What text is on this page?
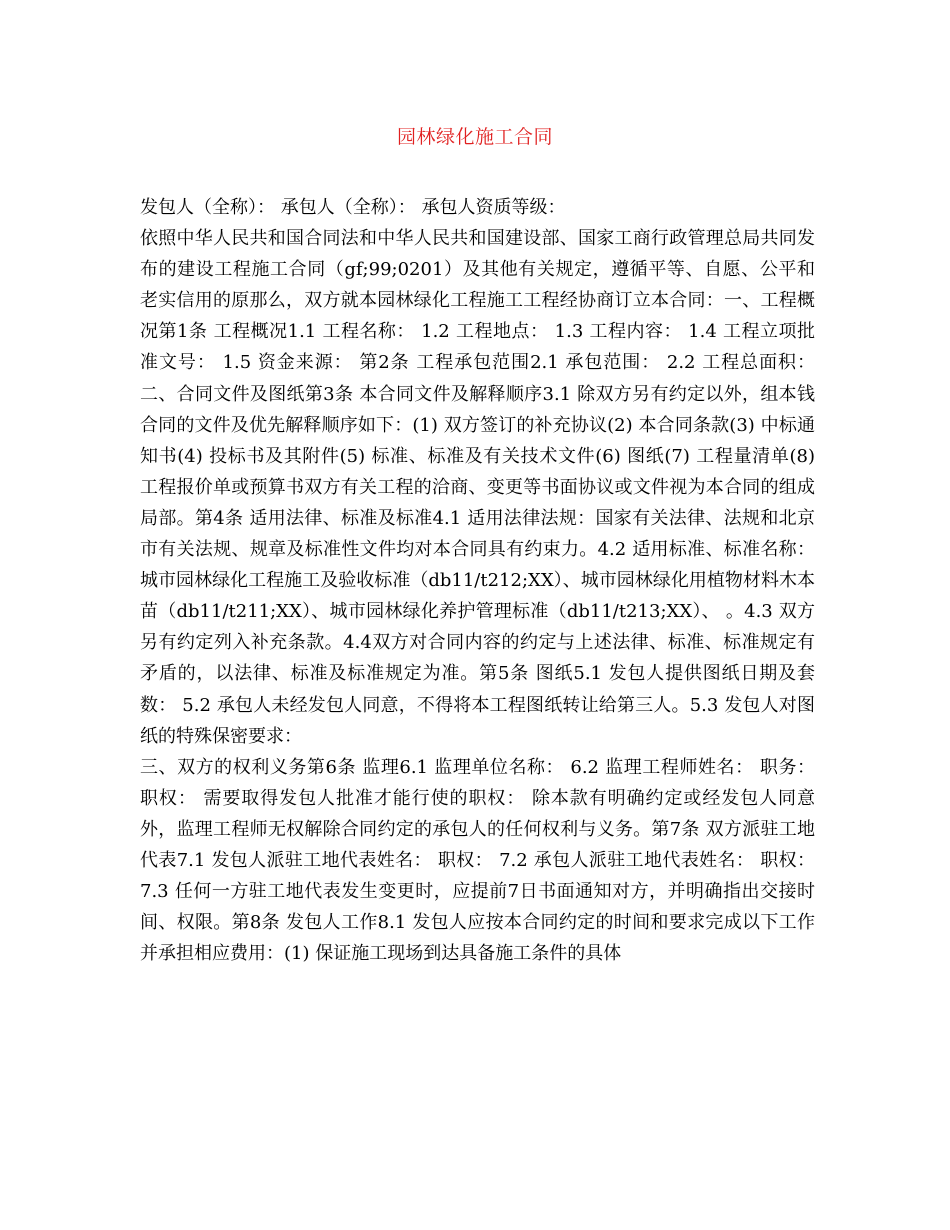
园林绿化施工合同

发包人（全称）： 承包人（全称）： 承包人资质等级：

依照中华人民共和国合同法和中华人民共和国建设部、国家工商行政管理总局共同发布的建设工程施工合同（gf;99;0201）及其他有关规定，遵循平等、自愿、公平和老实信用的原那么，双方就本园林绿化工程施工工程经协商订立本合同：一、工程概况第1条 工程概况1.1 工程名称： 1.2 工程地点： 1.3 工程内容： 1.4 工程立项批准文号： 1.5 资金来源： 第2条 工程承包范围2.1 承包范围： 2.2 工程总面积： 二、合同文件及图纸第3条 本合同文件及解释顺序3.1 除双方另有约定以外，组本钱合同的文件及优先解释顺序如下：(1) 双方签订的补充协议(2) 本合同条款(3) 中标通知书(4) 投标书及其附件(5) 标准、标准及有关技术文件(6) 图纸(7) 工程量清单(8) 工程报价单或预算书双方有关工程的洽商、变更等书面协议或文件视为本合同的组成局部。第4条 适用法律、标准及标准4.1 适用法律法规：国家有关法律、法规和北京市有关法规、规章及标准性文件均对本合同具有约束力。4.2 适用标准、标准名称：城市园林绿化工程施工及验收标准（db11/t212;XX）、城市园林绿化用植物材料木本苗（db11/t211;XX）、城市园林绿化养护管理标准（db11/t213;XX）、 。4.3 双方另有约定列入补充条款。4.4双方对合同内容的约定与上述法律、标准、标准规定有矛盾的，以法律、标准及标准规定为准。第5条 图纸5.1 发包人提供图纸日期及套数： 5.2 承包人未经发包人同意，不得将本工程图纸转让给第三人。5.3 发包人对图纸的特殊保密要求：

三、双方的权利义务第6条 监理6.1 监理单位名称： 6.2 监理工程师姓名： 职务： 职权： 需要取得发包人批准才能行使的职权： 除本款有明确约定或经发包人同意外，监理工程师无权解除合同约定的承包人的任何权利与义务。第7条 双方派驻工地代表7.1 发包人派驻工地代表姓名： 职权： 7.2 承包人派驻工地代表姓名： 职权： 7.3 任何一方驻工地代表发生变更时，应提前7日书面通知对方，并明确指出交接时间、权限。第8条 发包人工作8.1 发包人应按本合同约定的时间和要求完成以下工作并承担相应费用：(1) 保证施工现场到达具备施工条件的具体
